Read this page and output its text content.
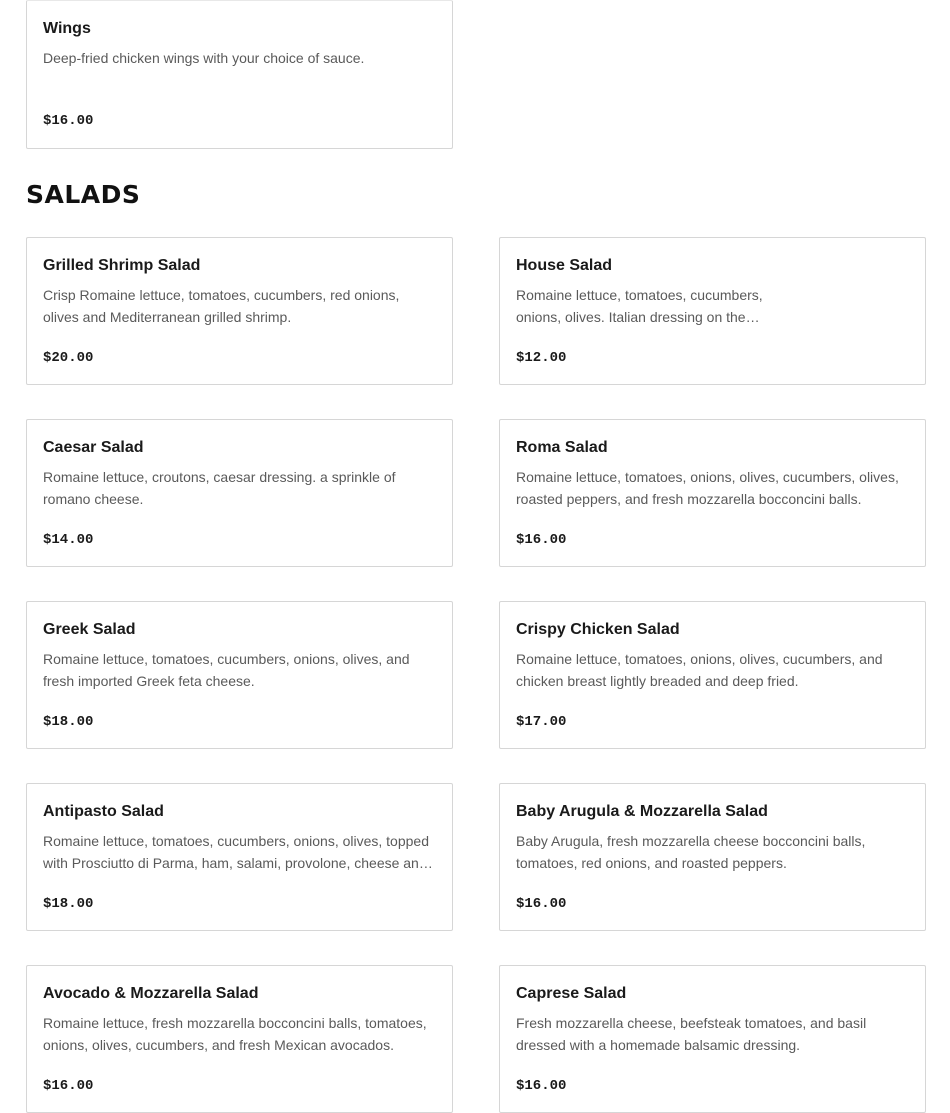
Wings
Deep-fried chicken wings with your choice of sauce.
$16.00
SALADS
Grilled Shrimp Salad
Crisp Romaine lettuce, tomatoes, cucumbers, red onions, olives and Mediterranean grilled shrimp.
$20.00
House Salad
Romaine lettuce, tomatoes, cucumbers, onions, olives. Italian dressing on the…
$12.00
Caesar Salad
Romaine lettuce, croutons, caesar dressing. a sprinkle of romano cheese.
$14.00
Roma Salad
Romaine lettuce, tomatoes, onions, olives, cucumbers, olives, roasted peppers, and fresh mozzarella bocconcini balls.
$16.00
Greek Salad
Romaine lettuce, tomatoes, cucumbers, onions, olives, and fresh imported Greek feta cheese.
$18.00
Crispy Chicken Salad
Romaine lettuce, tomatoes, onions, olives, cucumbers, and chicken breast lightly breaded and deep fried.
$17.00
Antipasto Salad
Romaine lettuce, tomatoes, cucumbers, onions, olives, topped with Prosciutto di Parma, ham, salami, provolone, cheese an…
$18.00
Baby Arugula & Mozzarella Salad
Baby Arugula, fresh mozzarella cheese bocconcini balls, tomatoes, red onions, and roasted peppers.
$16.00
Avocado & Mozzarella Salad
Romaine lettuce, fresh mozzarella bocconcini balls, tomatoes, onions, olives, cucumbers, and fresh Mexican avocados.
$16.00
Caprese Salad
Fresh mozzarella cheese, beefsteak tomatoes, and basil dressed with a homemade balsamic dressing.
$16.00
